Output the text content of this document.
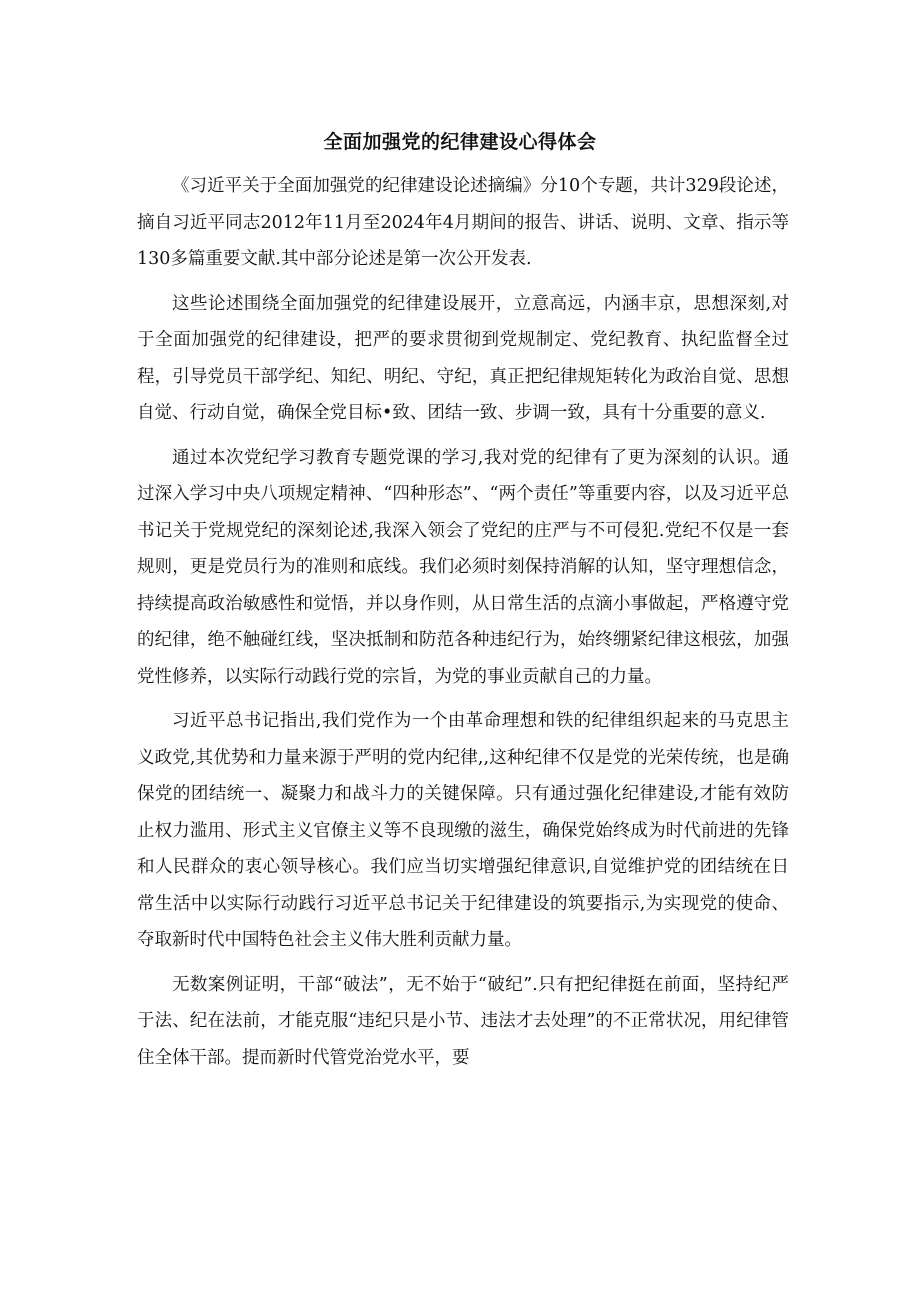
全面加强党的纪律建设心得体会

《习近平关于全面加强党的纪律建设论述摘编》分10个专题，共计329段论述，摘自习近平同志2012年11月至2024年4月期间的报告、讲话、说明、文章、指示等130多篇重要文献.其中部分论述是第一次公开发表.

这些论述围绕全面加强党的纪律建设展开，立意高远，内涵丰京，思想深刻,对于全面加强党的纪律建设，把严的要求贯彻到党规制定、党纪教育、执纪监督全过程，引导党员干部学纪、知纪、明纪、守纪，真正把纪律规矩转化为政治自觉、思想自觉、行动自觉，确保全党目标•致、团结一致、步调一致，具有十分重要的意义.

通过本次党纪学习教育专题党课的学习,我对党的纪律有了更为深刻的认识。通过深入学习中央八项规定精神、“四种形态”、“两个责任”等重要内容，以及习近平总书记关于党规党纪的深刻论述,我深入领会了党纪的庄严与不可侵犯.党纪不仅是一套规则，更是党员行为的准则和底线。我们必须时刻保持消解的认知，坚守理想信念，持续提高政治敏感性和觉悟，并以身作则，从日常生活的点滴小事做起，严格遵守党的纪律，绝不触碰红线，坚决抵制和防范各种违纪行为，始终绷紧纪律这根弦，加强党性修养，以实际行动践行党的宗旨，为党的事业贡献自己的力量。

习近平总书记指出,我们党作为一个由革命理想和铁的纪律组织起来的马克思主义政党,其优势和力量来源于严明的党内纪律,,这种纪律不仅是党的光荣传统，也是确保党的团结统一、凝聚力和战斗力的关键保障。只有通过强化纪律建设,才能有效防止权力滥用、形式主义官僚主义等不良现缴的滋生，确保党始终成为时代前进的先锋和人民群众的衷心领导核心。我们应当切实增强纪律意识,自觉维护党的团结统在日常生活中以实际行动践行习近平总书记关于纪律建设的筑要指示,为实现党的使命、夺取新时代中国特色社会主义伟大胜利贡献力量。

无数案例证明，干部“破法”，无不始于“破纪”.只有把纪律挺在前面，坚持纪严于法、纪在法前，才能克服“违纪只是小节、违法才去处理”的不正常状况，用纪律管住全体干部。提而新时代管党治党水平，要
